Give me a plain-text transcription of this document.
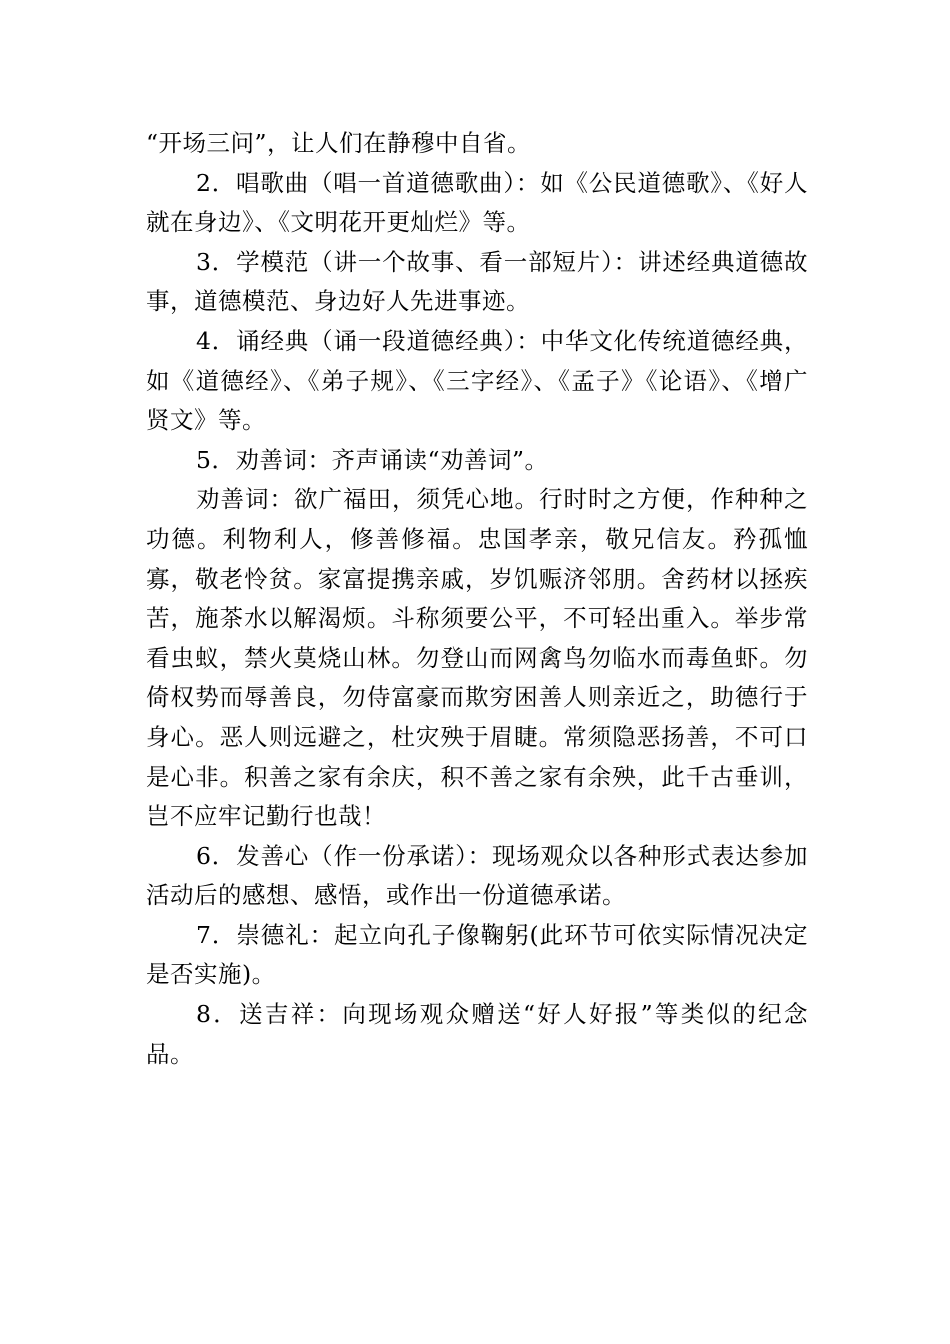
“开场三问”，让人们在静穆中自省。

2．唱歌曲（唱一首道德歌曲）：如《公民道德歌》、《好人就在身边》、《文明花开更灿烂》等。

3．学模范（讲一个故事、看一部短片）：讲述经典道德故事，道德模范、身边好人先进事迹。

4．诵经典（诵一段道德经典）：中华文化传统道德经典，如《道德经》、《弟子规》、《三字经》、《孟子》《论语》、《增广贤文》等。

5．劝善词：齐声诵读“劝善词”。

劝善词：欲广福田，须凭心地。行时时之方便，作种种之功德。利物利人，修善修福。忠国孝亲，敬兄信友。矜孤恤寡，敬老怜贫。家富提携亲戚，岁饥赈济邻朋。舍药材以拯疾苦，施茶水以解渴烦。斗称须要公平，不可轻出重入。举步常看虫蚁，禁火莫烧山林。勿登山而网禽鸟勿临水而毒鱼虾。勿倚权势而辱善良，勿侍富豪而欺穷困善人则亲近之，助德行于身心。恶人则远避之，杜灾殃于眉睫。常须隐恶扬善，不可口是心非。积善之家有余庆，积不善之家有余殃，此千古垂训，岂不应牢记勤行也哉！

6．发善心（作一份承诺）：现场观众以各种形式表达参加活动后的感想、感悟，或作出一份道德承诺。

7．崇德礼：起立向孔子像鞠躬(此环节可依实际情况决定是否实施)。

8．送吉祥：向现场观众赠送“好人好报”等类似的纪念品。
